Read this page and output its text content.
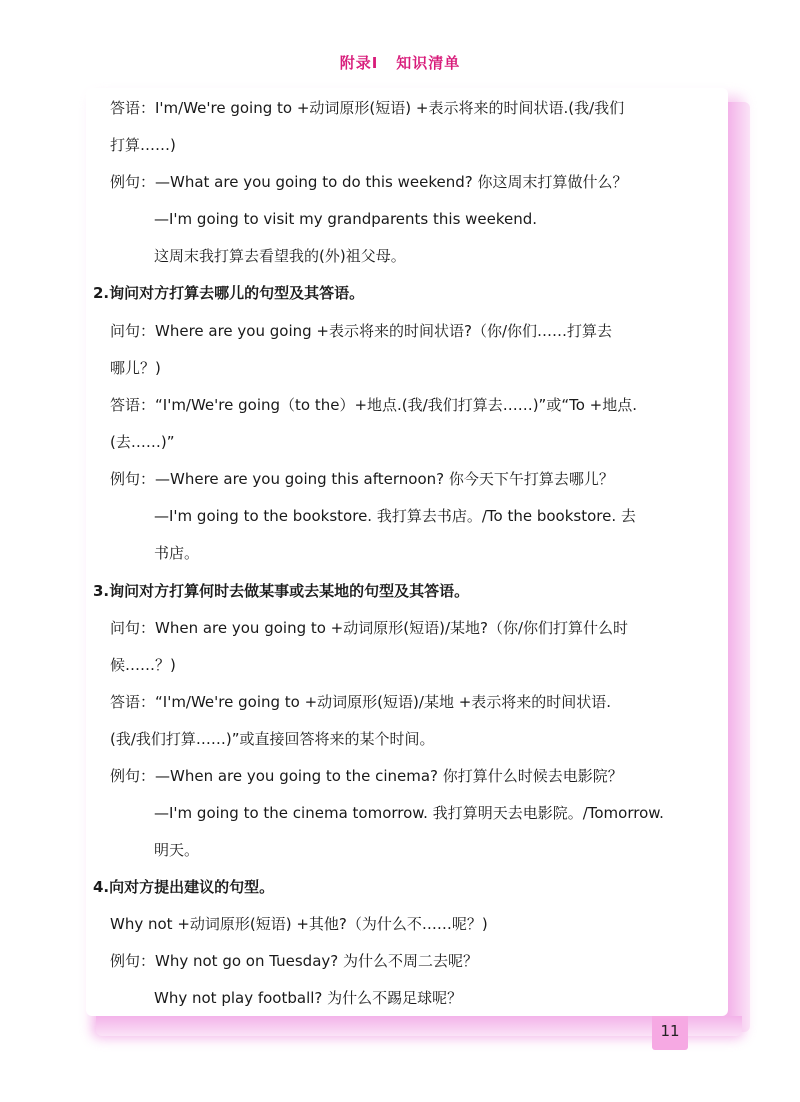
附录Ⅰ 知识清单
答语：I'm/We're going to +动词原形(短语) +表示将来的时间状语.(我/我们
打算……)
例句：—What are you going to do this weekend? 你这周末打算做什么？
—I'm going to visit my grandparents this weekend.
这周末我打算去看望我的(外)祖父母。
2.询问对方打算去哪儿的句型及其答语。
问句：Where are you going +表示将来的时间状语?（你/你们……打算去
哪儿？)
答语：“I'm/We're going（to the）+地点.(我/我们打算去……)”或“To +地点.
(去……)”
例句：—Where are you going this afternoon? 你今天下午打算去哪儿？
—I'm going to the bookstore. 我打算去书店。/To the bookstore. 去
书店。
3.询问对方打算何时去做某事或去某地的句型及其答语。
问句：When are you going to +动词原形(短语)/某地?（你/你们打算什么时
候……？)
答语：“I'm/We're going to +动词原形(短语)/某地 +表示将来的时间状语.
(我/我们打算……)”或直接回答将来的某个时间。
例句：—When are you going to the cinema? 你打算什么时候去电影院？
—I'm going to the cinema tomorrow. 我打算明天去电影院。/Tomorrow.
明天。
4.向对方提出建议的句型。
Why not +动词原形(短语) +其他?（为什么不……呢？)
例句：Why not go on Tuesday? 为什么不周二去呢？
Why not play football? 为什么不踢足球呢？
11
